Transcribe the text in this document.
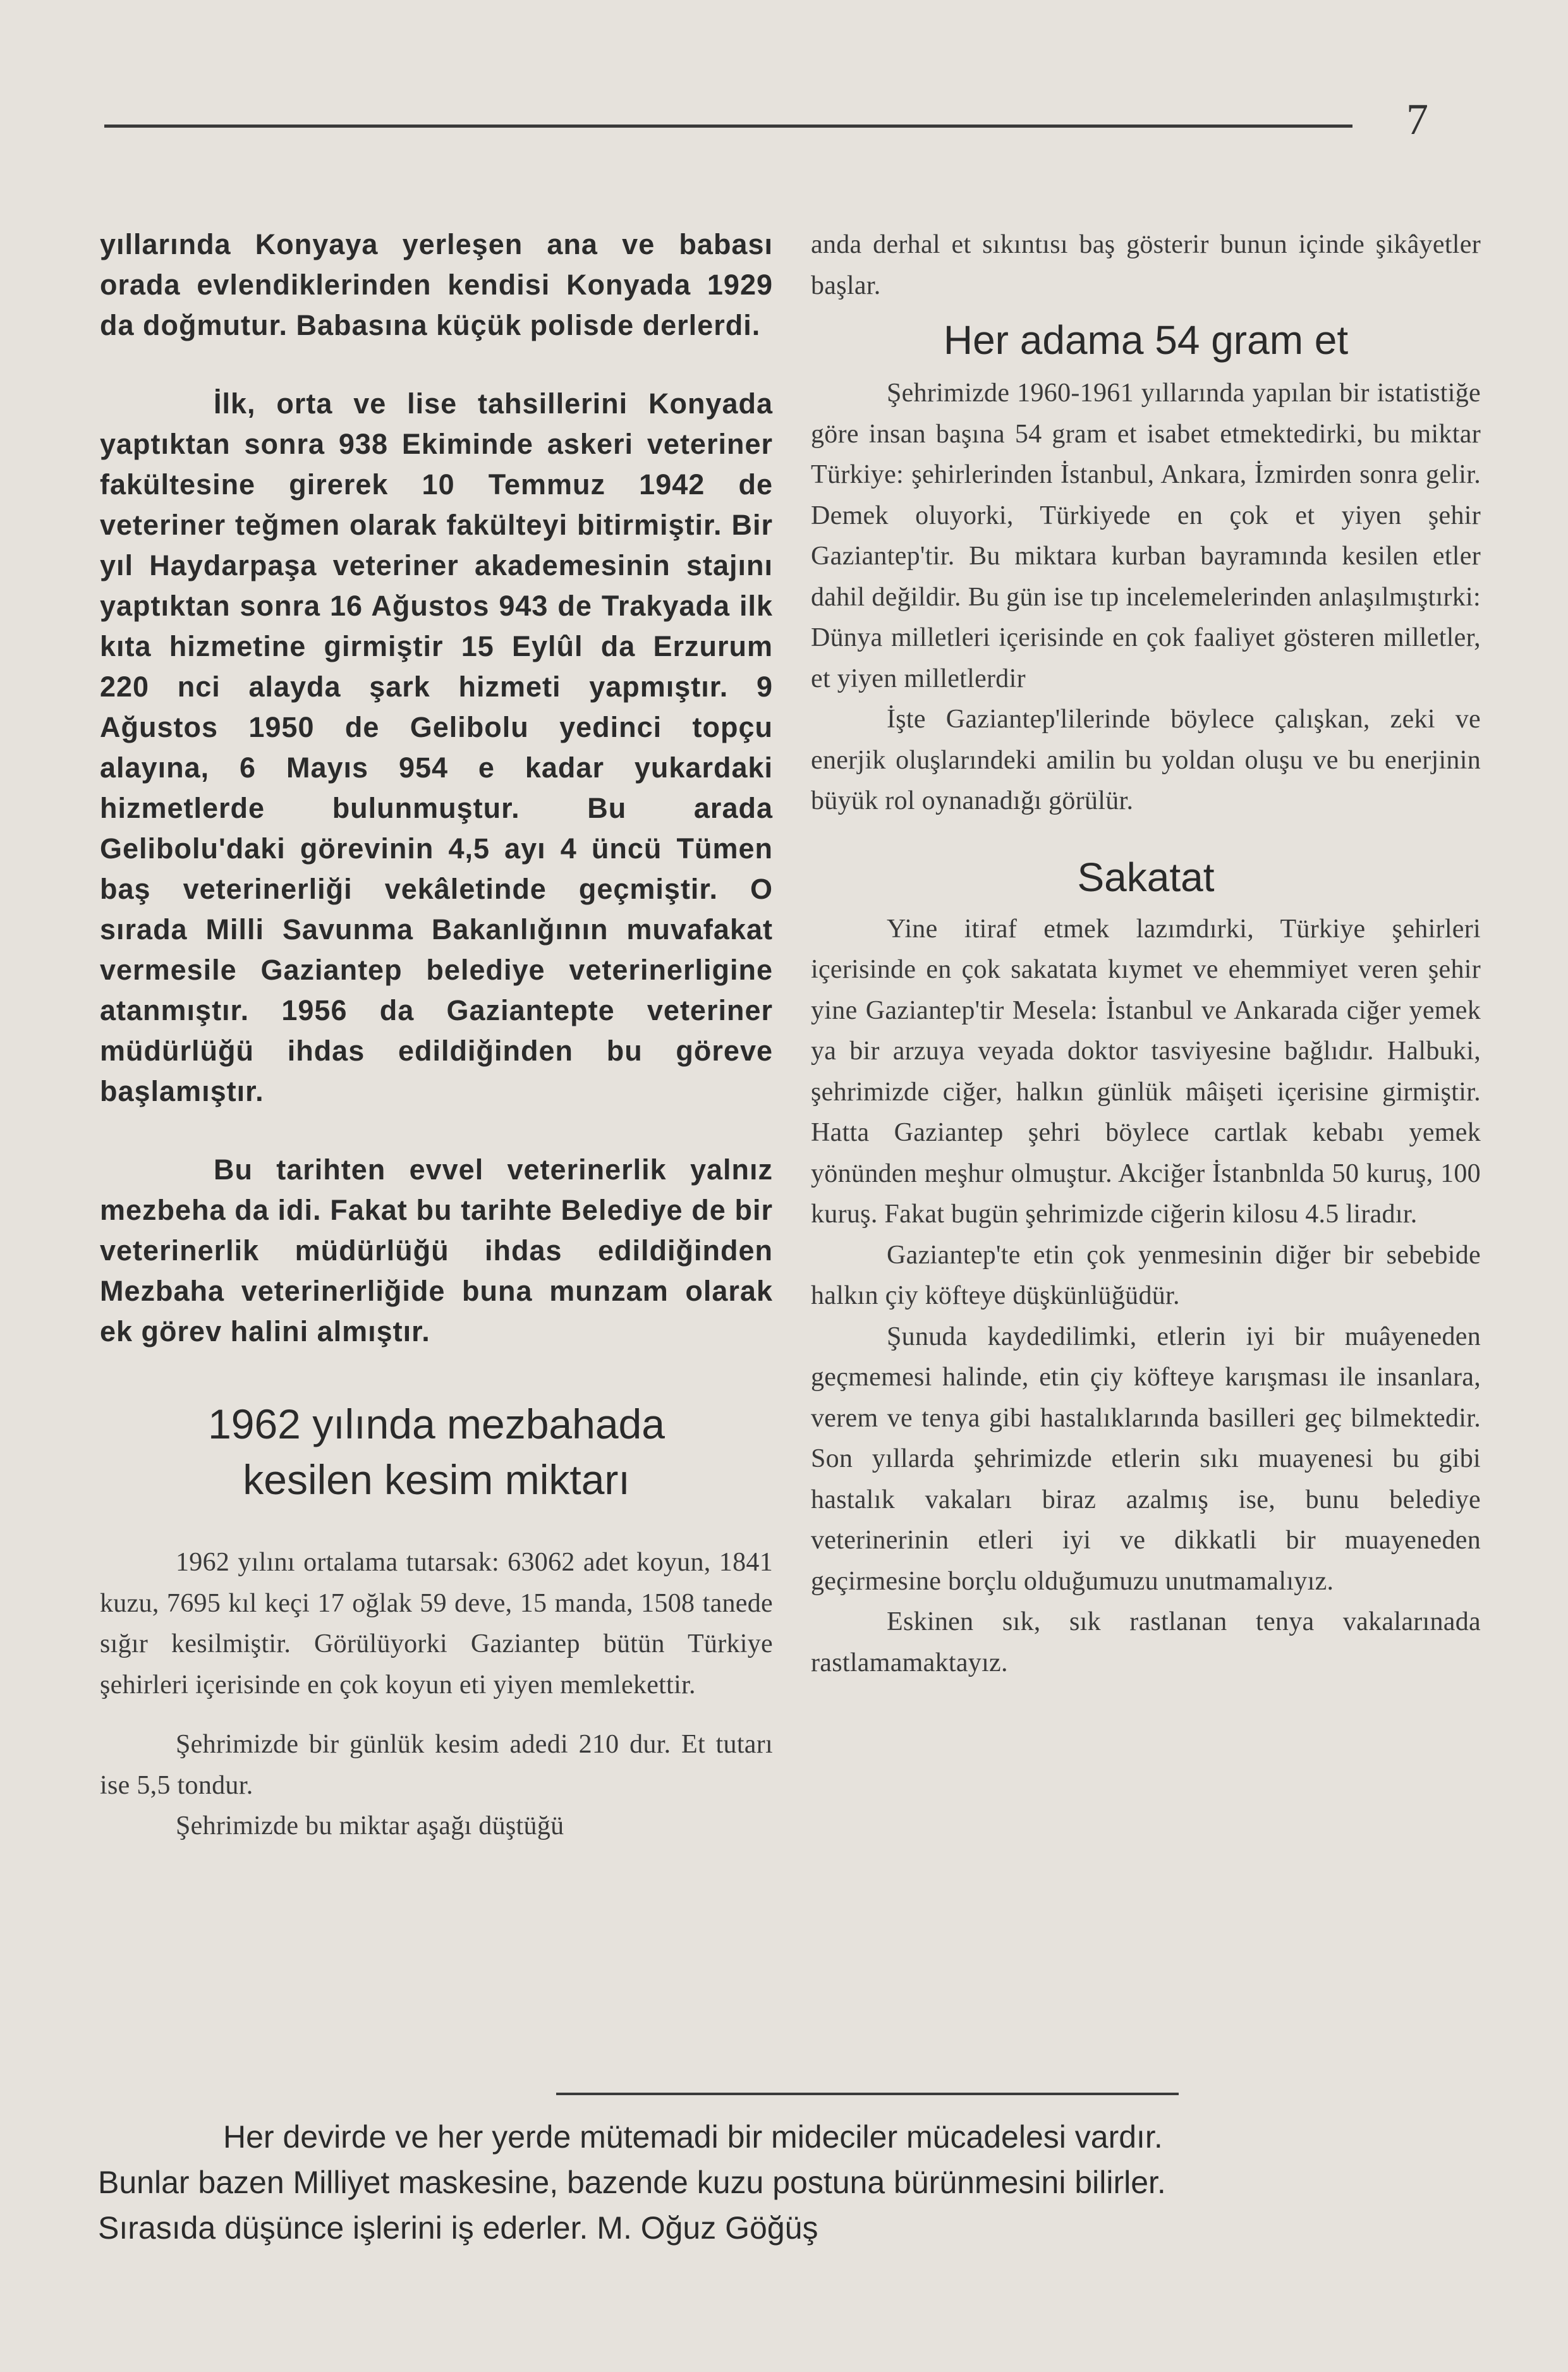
7

yıllarında Konyaya yerleşen ana ve babası orada evlendiklerinden kendisi Konyada 1929 da doğmutur. Babasına küçük polisde derlerdi.

İlk, orta ve lise tahsillerini Konyada yaptıktan sonra 938 Ekiminde askeri veteriner fakültesine girerek 10 Temmuz 1942 de veteriner teğmen olarak fakülteyi bitirmiştir. Bir yıl Haydarpaşa veteriner akademesinin stajını yaptıktan sonra 16 Ağustos 943 de Trakyada ilk kıta hizmetine girmiştir 15 Eylûl da Erzurum 220 nci alayda şark hizmeti yapmıştır. 9 Ağustos 1950 de Gelibolu yedinci topçu alayına, 6 Mayıs 954 e kadar yukardaki hizmetlerde bulunmuştur. Bu arada Gelibolu'daki görevinin 4,5 ayı 4 üncü Tümen baş veterinerliği vekâletinde geçmiştir. O sırada Milli Savunma Bakanlığının muvafakat vermesile Gaziantep belediye veterinerligine atanmıştır. 1956 da Gaziantepte veteriner müdürlüğü ihdas edildiğinden bu göreve başlamıştır.

Bu tarihten evvel veterinerlik yalnız mezbeha da idi. Fakat bu tarihte Belediye de bir veterinerlik müdürlüğü ihdas edildiğinden Mezbaha veterinerliğide buna munzam olarak ek görev halini almıştır.

1962 yılında mezbahada
kesilen kesim miktarı

1962 yılını ortalama tutarsak: 63062 adet koyun, 1841 kuzu, 7695 kıl keçi 17 oğlak 59 deve, 15 manda, 1508 tanede sığır kesilmiştir. Görülüyorki Gaziantep bütün Türkiye şehirleri içerisinde en çok koyun eti yiyen memlekettir.

Şehrimizde bir günlük kesim adedi 210 dur. Et tutarı ise 5,5 tondur.

Şehrimizde bu miktar aşağı düştüğü

anda derhal et sıkıntısı baş gösterir bunun içinde şikâyetler başlar.

Her adama 54 gram et

Şehrimizde 1960-1961 yıllarında yapılan bir istatistiğe göre insan başına 54 gram et isabet etmektedirki, bu miktar Türkiye: şehirlerinden İstanbul, Ankara, İzmirden sonra gelir. Demek oluyorki, Türkiyede en çok et yiyen şehir Gaziantep'tir. Bu miktara kurban bayramında kesilen etler dahil değildir. Bu gün ise tıp incelemelerinden anlaşılmıştırki: Dünya milletleri içerisinde en çok faaliyet gösteren milletler, et yiyen milletlerdir

İşte Gaziantep'lilerinde böylece çalışkan, zeki ve enerjik oluşlarındeki amilin bu yoldan oluşu ve bu enerjinin büyük rol oynanadığı görülür.

Sakatat

Yine itiraf etmek lazımdırki, Türkiye şehirleri içerisinde en çok sakatata kıymet ve ehemmiyet veren şehir yine Gaziantep'tir Meselа: İstanbul ve Ankarada ciğer yemek ya bir arzuya veyada doktor tasviyesine bağlıdır. Halbuki, şehrimizde ciğer, halkın günlük mâişeti içerisine girmiştir. Hatta Gaziantep şehri böylece cartlak kebabı yemek yönünden meşhur olmuştur. Akciğer İstanbnlda 50 kuruş, 100 kuruş. Fakat bugün şehrimizde ciğerin kilosu 4.5 liradır.

Gaziantep'te etin çok yenmesinin diğer bir sebebide halkın çiy köfteye düşkünlüğüdür.

Şunuda kaydedilimki, etlerin iyi bir muâyeneden geçmemesi halinde, etin çiy köfteye karışması ile insanlara, verem ve tenya gibi hastalıklarında basilleri geç bilmektedir. Son yıllarda şehrimizde etlerin sıkı muayenesi bu gibi hastalık vakaları biraz azalmış ise, bunu belediye veterinerinin etleri iyi ve dikkatli bir muayeneden geçirmesine borçlu olduğumuzu unutmamalıyız.

Eskinen sık, sık rastlanan tenya vakalarınada rastlamamaktayız.

Her devirde ve her yerde mütemadi bir mideciler mücadelesi vardır.
Bunlar bazen Milliyet maskesine, bazende kuzu postuna bürünmesini bilirler.
Sırasıda düşünce işlerini iş ederler. M. Oğuz Göğüş
